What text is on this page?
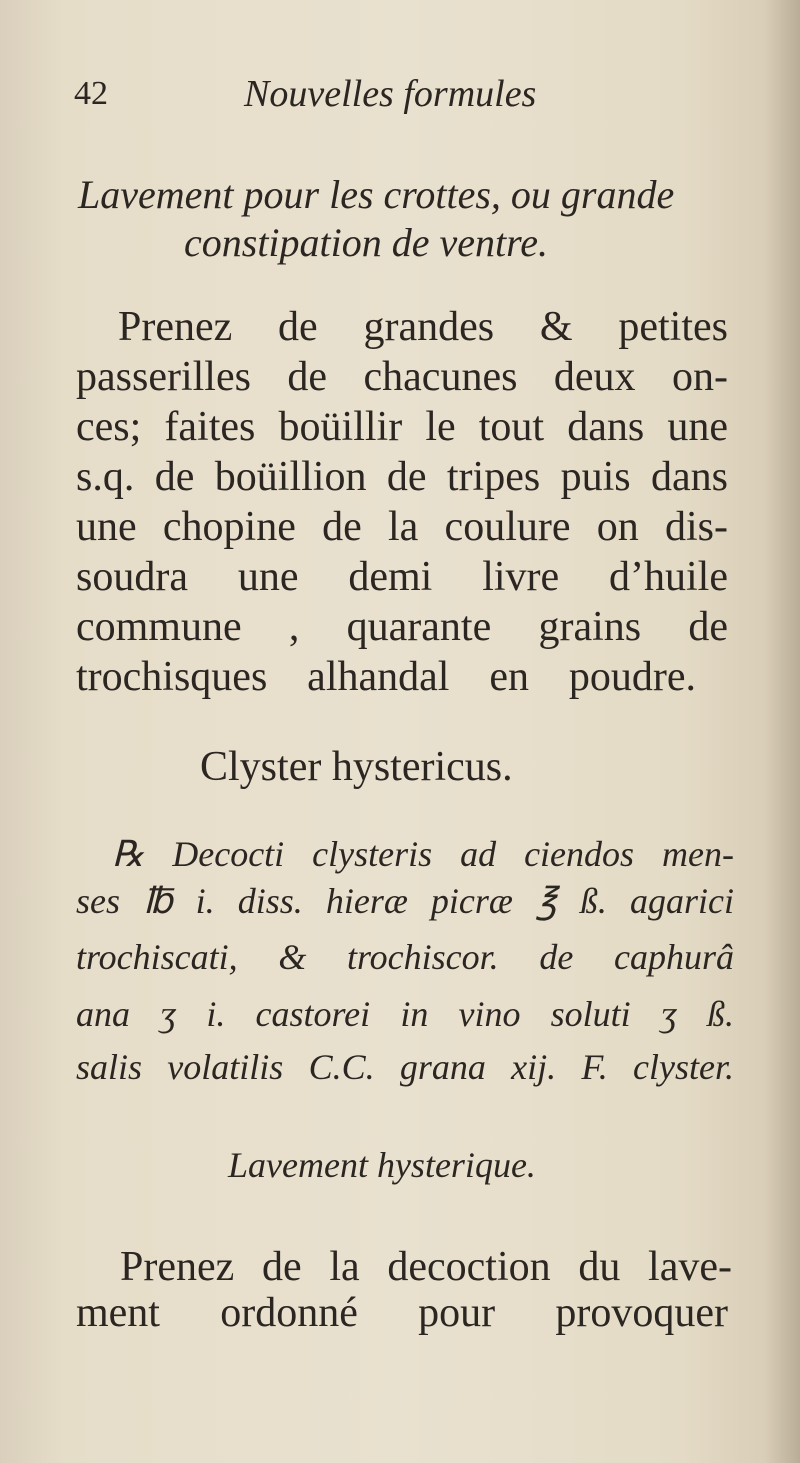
42	Nouvelles formules
Lavement pour les crottes, ou grande
constipation de ventre.
Prenez de grandes & petites
passerilles de chacunes deux on-
ces; faites boüillir le tout dans une
s.q. de boüillion de tripes puis dans
une chopine de la coulure on dis-
soudra une demi livre d’huile
commune , quarante grains de
trochisques alhandal en poudre.
Clyster hystericus.
℞ Decocti clysteris ad ciendos men-
ses ℔ i. diss. hieræ picræ ℥ ß. agarici
trochiscati, & trochiscor. de caphurâ
ana ʒ i. castorei in vino soluti ʒ ß.
salis volatilis C.C. grana xij. F. clyster.
Lavement hysterique.
Prenez de la decoction du lave-
ment ordonné pour provoquer
